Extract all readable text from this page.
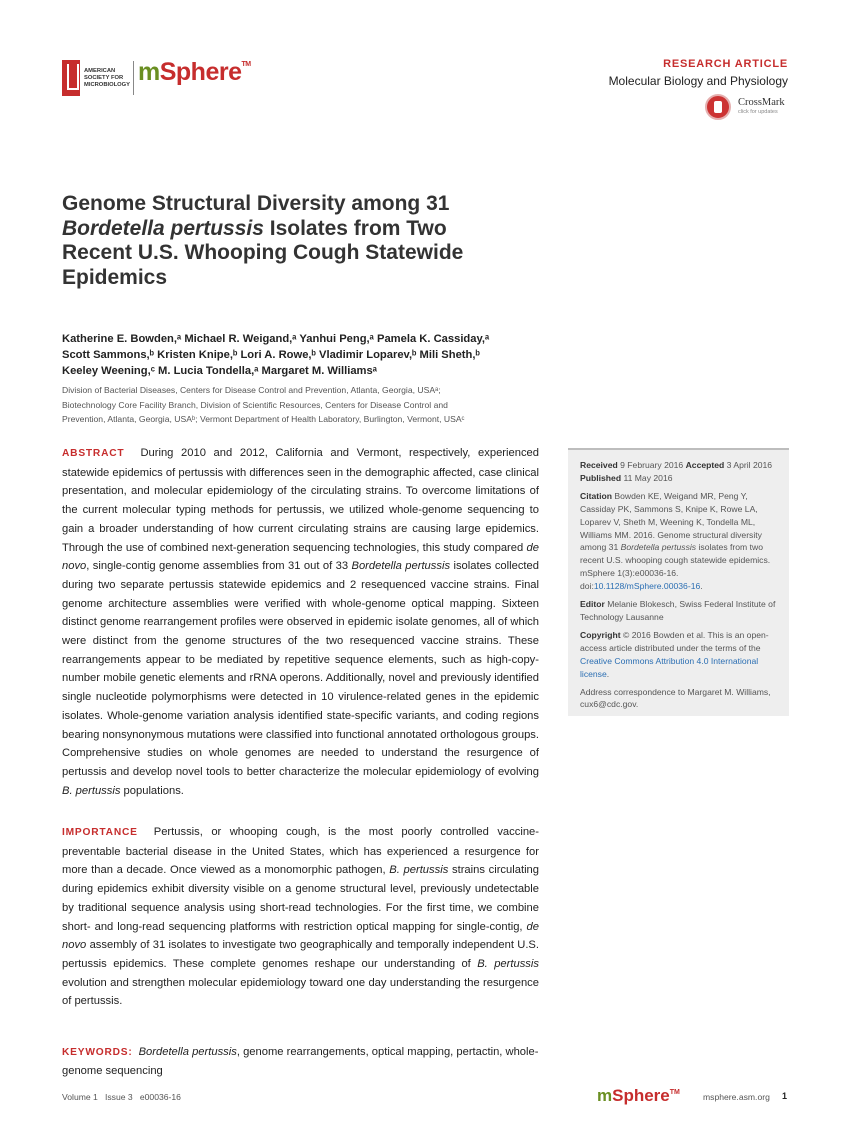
AMERICAN
SOCIETY FOR
MICROBIOLOGY mSphere™	RESEARCH ARTICLE
Molecular Biology and Physiology
CrossMark
click for updates
Genome Structural Diversity among 31
Bordetella pertussis Isolates from Two
Recent U.S. Whooping Cough Statewide
Epidemics
Katherine E. Bowden,ᵃ Michael R. Weigand,ᵃ Yanhui Peng,ᵃ Pamela K. Cassiday,ᵃ
Scott Sammons,ᵇ Kristen Knipe,ᵇ Lori A. Rowe,ᵇ Vladimir Loparev,ᵇ Mili Sheth,ᵇ
Keeley Weening,ᶜ M. Lucia Tondella,ᵃ Margaret M. Williamsᵃ
Division of Bacterial Diseases, Centers for Disease Control and Prevention, Atlanta, Georgia, USAᵃ;
Biotechnology Core Facility Branch, Division of Scientific Resources, Centers for Disease Control and
Prevention, Atlanta, Georgia, USAᵇ; Vermont Department of Health Laboratory, Burlington, Vermont, USAᶜ
ABSTRACT During 2010 and 2012, California and Vermont, respectively, experienced statewide epidemics of pertussis with differences seen in the demographic affected, case clinical presentation, and molecular epidemiology of the circulating strains. To overcome limitations of the current molecular typing methods for pertussis, we utilized whole-genome sequencing to gain a broader understanding of how current circulating strains are causing large epidemics. Through the use of combined next-generation sequencing technologies, this study compared de novo, single-contig genome assemblies from 31 out of 33 Bordetella pertussis isolates collected during two separate pertussis statewide epidemics and 2 resequenced vaccine strains. Final genome architecture assemblies were verified with whole-genome optical mapping. Sixteen distinct genome rearrangement profiles were observed in epidemic isolate genomes, all of which were distinct from the genome structures of the two resequenced vaccine strains. These rearrangements appear to be mediated by repetitive sequence elements, such as high-copy-number mobile genetic elements and rRNA operons. Additionally, novel and previously identified single nucleotide polymorphisms were detected in 10 virulence-related genes in the epidemic isolates. Whole-genome variation analysis identified state-specific variants, and coding regions bearing nonsynonymous mutations were classified into functional annotated orthologous groups. Comprehensive studies on whole genomes are needed to understand the resurgence of pertussis and develop novel tools to better characterize the molecular epidemiology of evolving B. pertussis populations.
IMPORTANCE Pertussis, or whooping cough, is the most poorly controlled vaccine-preventable bacterial disease in the United States, which has experienced a resurgence for more than a decade. Once viewed as a monomorphic pathogen, B. pertussis strains circulating during epidemics exhibit diversity visible on a genome structural level, previously undetectable by traditional sequence analysis using short-read technologies. For the first time, we combine short- and long-read sequencing platforms with restriction optical mapping for single-contig, de novo assembly of 31 isolates to investigate two geographically and temporally independent U.S. pertussis epidemics. These complete genomes reshape our understanding of B. pertussis evolution and strengthen molecular epidemiology toward one day understanding the resurgence of pertussis.
KEYWORDS: Bordetella pertussis, genome rearrangements, optical mapping, pertactin, whole-genome sequencing
Received 9 February 2016 Accepted 3 April 2016 Published 11 May 2016
Citation Bowden KE, Weigand MR, Peng Y, Cassiday PK, Sammons S, Knipe K, Rowe LA, Loparev V, Sheth M, Weening K, Tondella ML, Williams MM. 2016. Genome structural diversity among 31 Bordetella pertussis isolates from two recent U.S. whooping cough statewide epidemics. mSphere 1(3):e00036-16. doi:10.1128/mSphere.00036-16.
Editor Melanie Blokesch, Swiss Federal Institute of Technology Lausanne
Copyright © 2016 Bowden et al. This is an open-access article distributed under the terms of the Creative Commons Attribution 4.0 International license.
Address correspondence to Margaret M. Williams, cux6@cdc.gov.
Volume 1   Issue 3   e00036-16	mSphere™	msphere.asm.org 1
